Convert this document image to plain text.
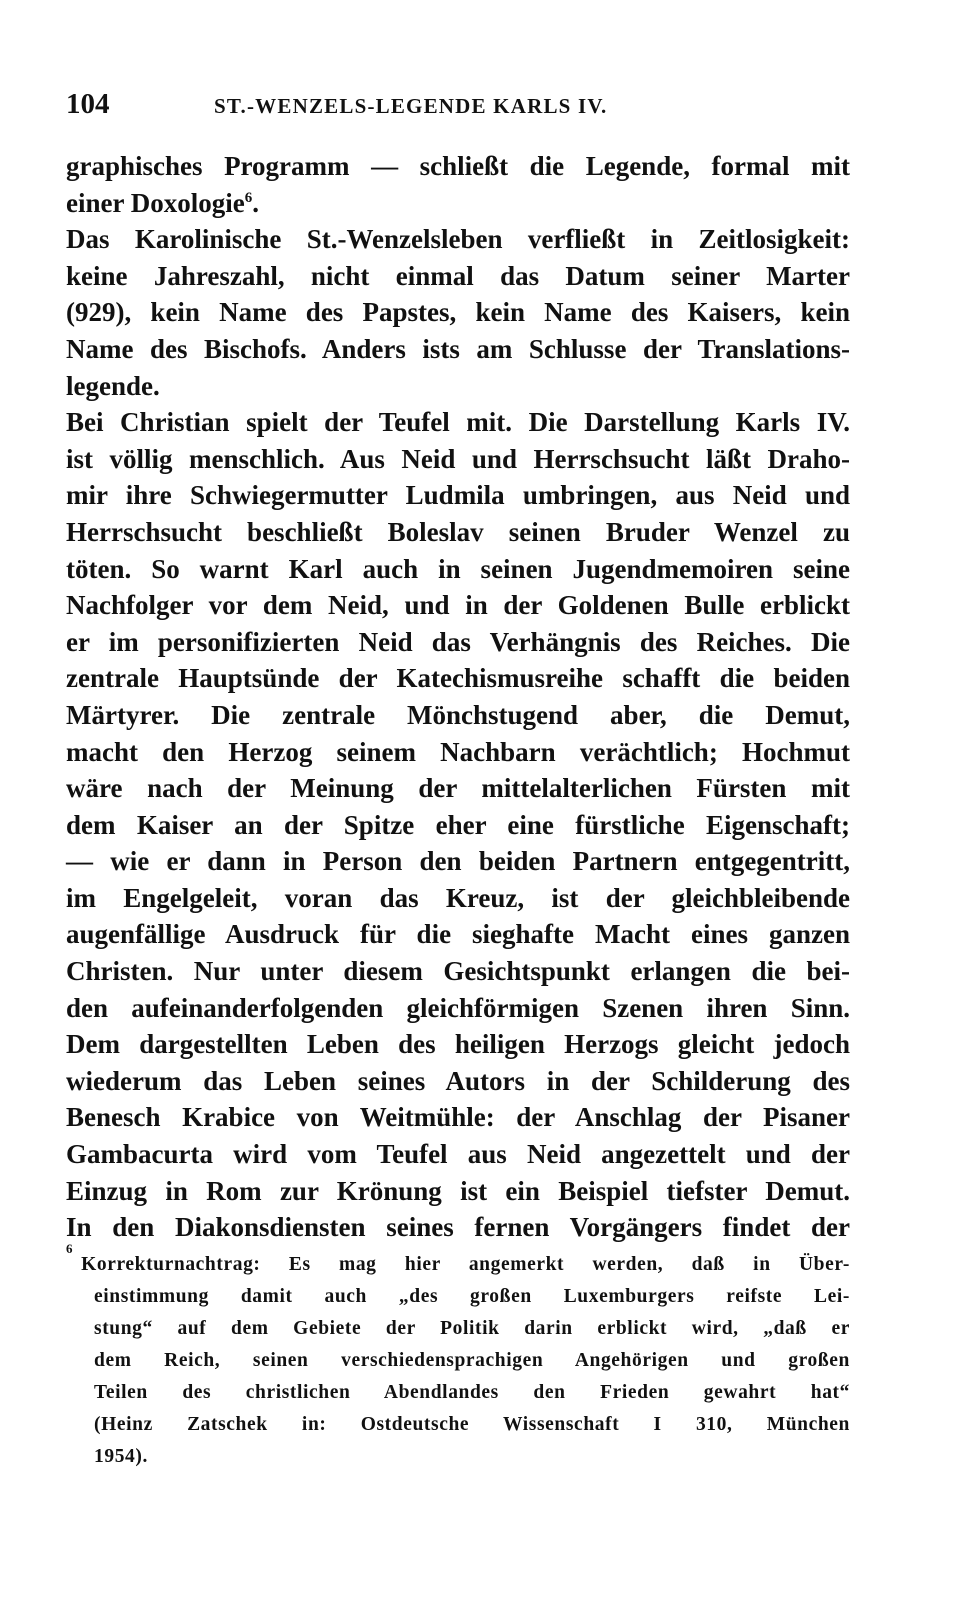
104	ST.-WENZELS-LEGENDE KARLS IV.
graphisches Programm — schließt die Legende, formal mit
einer Doxologie$^6$.
Das Karolinische St.-Wenzelsleben verfließt in Zeitlosigkeit:
keine Jahreszahl, nicht einmal das Datum seiner Marter
(929), kein Name des Papstes, kein Name des Kaisers, kein
Name des Bischofs. Anders ists am Schlusse der Translations-
legende.
Bei Christian spielt der Teufel mit. Die Darstellung Karls IV.
ist völlig menschlich. Aus Neid und Herrschsucht läßt Draho-
mir ihre Schwiegermutter Ludmila umbringen, aus Neid und
Herrschsucht beschließt Boleslav seinen Bruder Wenzel zu
töten. So warnt Karl auch in seinen Jugendmemoiren seine
Nachfolger vor dem Neid, und in der Goldenen Bulle erblickt
er im personifizierten Neid das Verhängnis des Reiches. Die
zentrale Hauptsünde der Katechismusreihe schafft die beiden
Märtyrer. Die zentrale Mönchstugend aber, die Demut,
macht den Herzog seinem Nachbarn verächtlich; Hochmut
wäre nach der Meinung der mittelalterlichen Fürsten mit
dem Kaiser an der Spitze eher eine fürstliche Eigenschaft;
— wie er dann in Person den beiden Partnern entgegentritt,
im Engelgeleit, voran das Kreuz, ist der gleichbleibende
augenfällige Ausdruck für die sieghafte Macht eines ganzen
Christen. Nur unter diesem Gesichtspunkt erlangen die bei-
den aufeinanderfolgenden gleichförmigen Szenen ihren Sinn.
Dem dargestellten Leben des heiligen Herzogs gleicht jedoch
wiederum das Leben seines Autors in der Schilderung des
Benesch Krabice von Weitmühle: der Anschlag der Pisaner
Gambacurta wird vom Teufel aus Neid angezettelt und der
Einzug in Rom zur Krönung ist ein Beispiel tiefster Demut.
In den Diakonsdiensten seines fernen Vorgängers findet der
$^6$Korrekturnachtrag: Es mag hier angemerkt werden, daß in Über-
einstimmung damit auch „des großen Luxemburgers reifste Lei-
stung“ auf dem Gebiete der Politik darin erblickt wird, „daß er
dem Reich, seinen verschiedensprachigen Angehörigen und großen
Teilen des christlichen Abendlandes den Frieden gewahrt hat“
(Heinz Zatschek in: Ostdeutsche Wissenschaft I 310, München
1954).
